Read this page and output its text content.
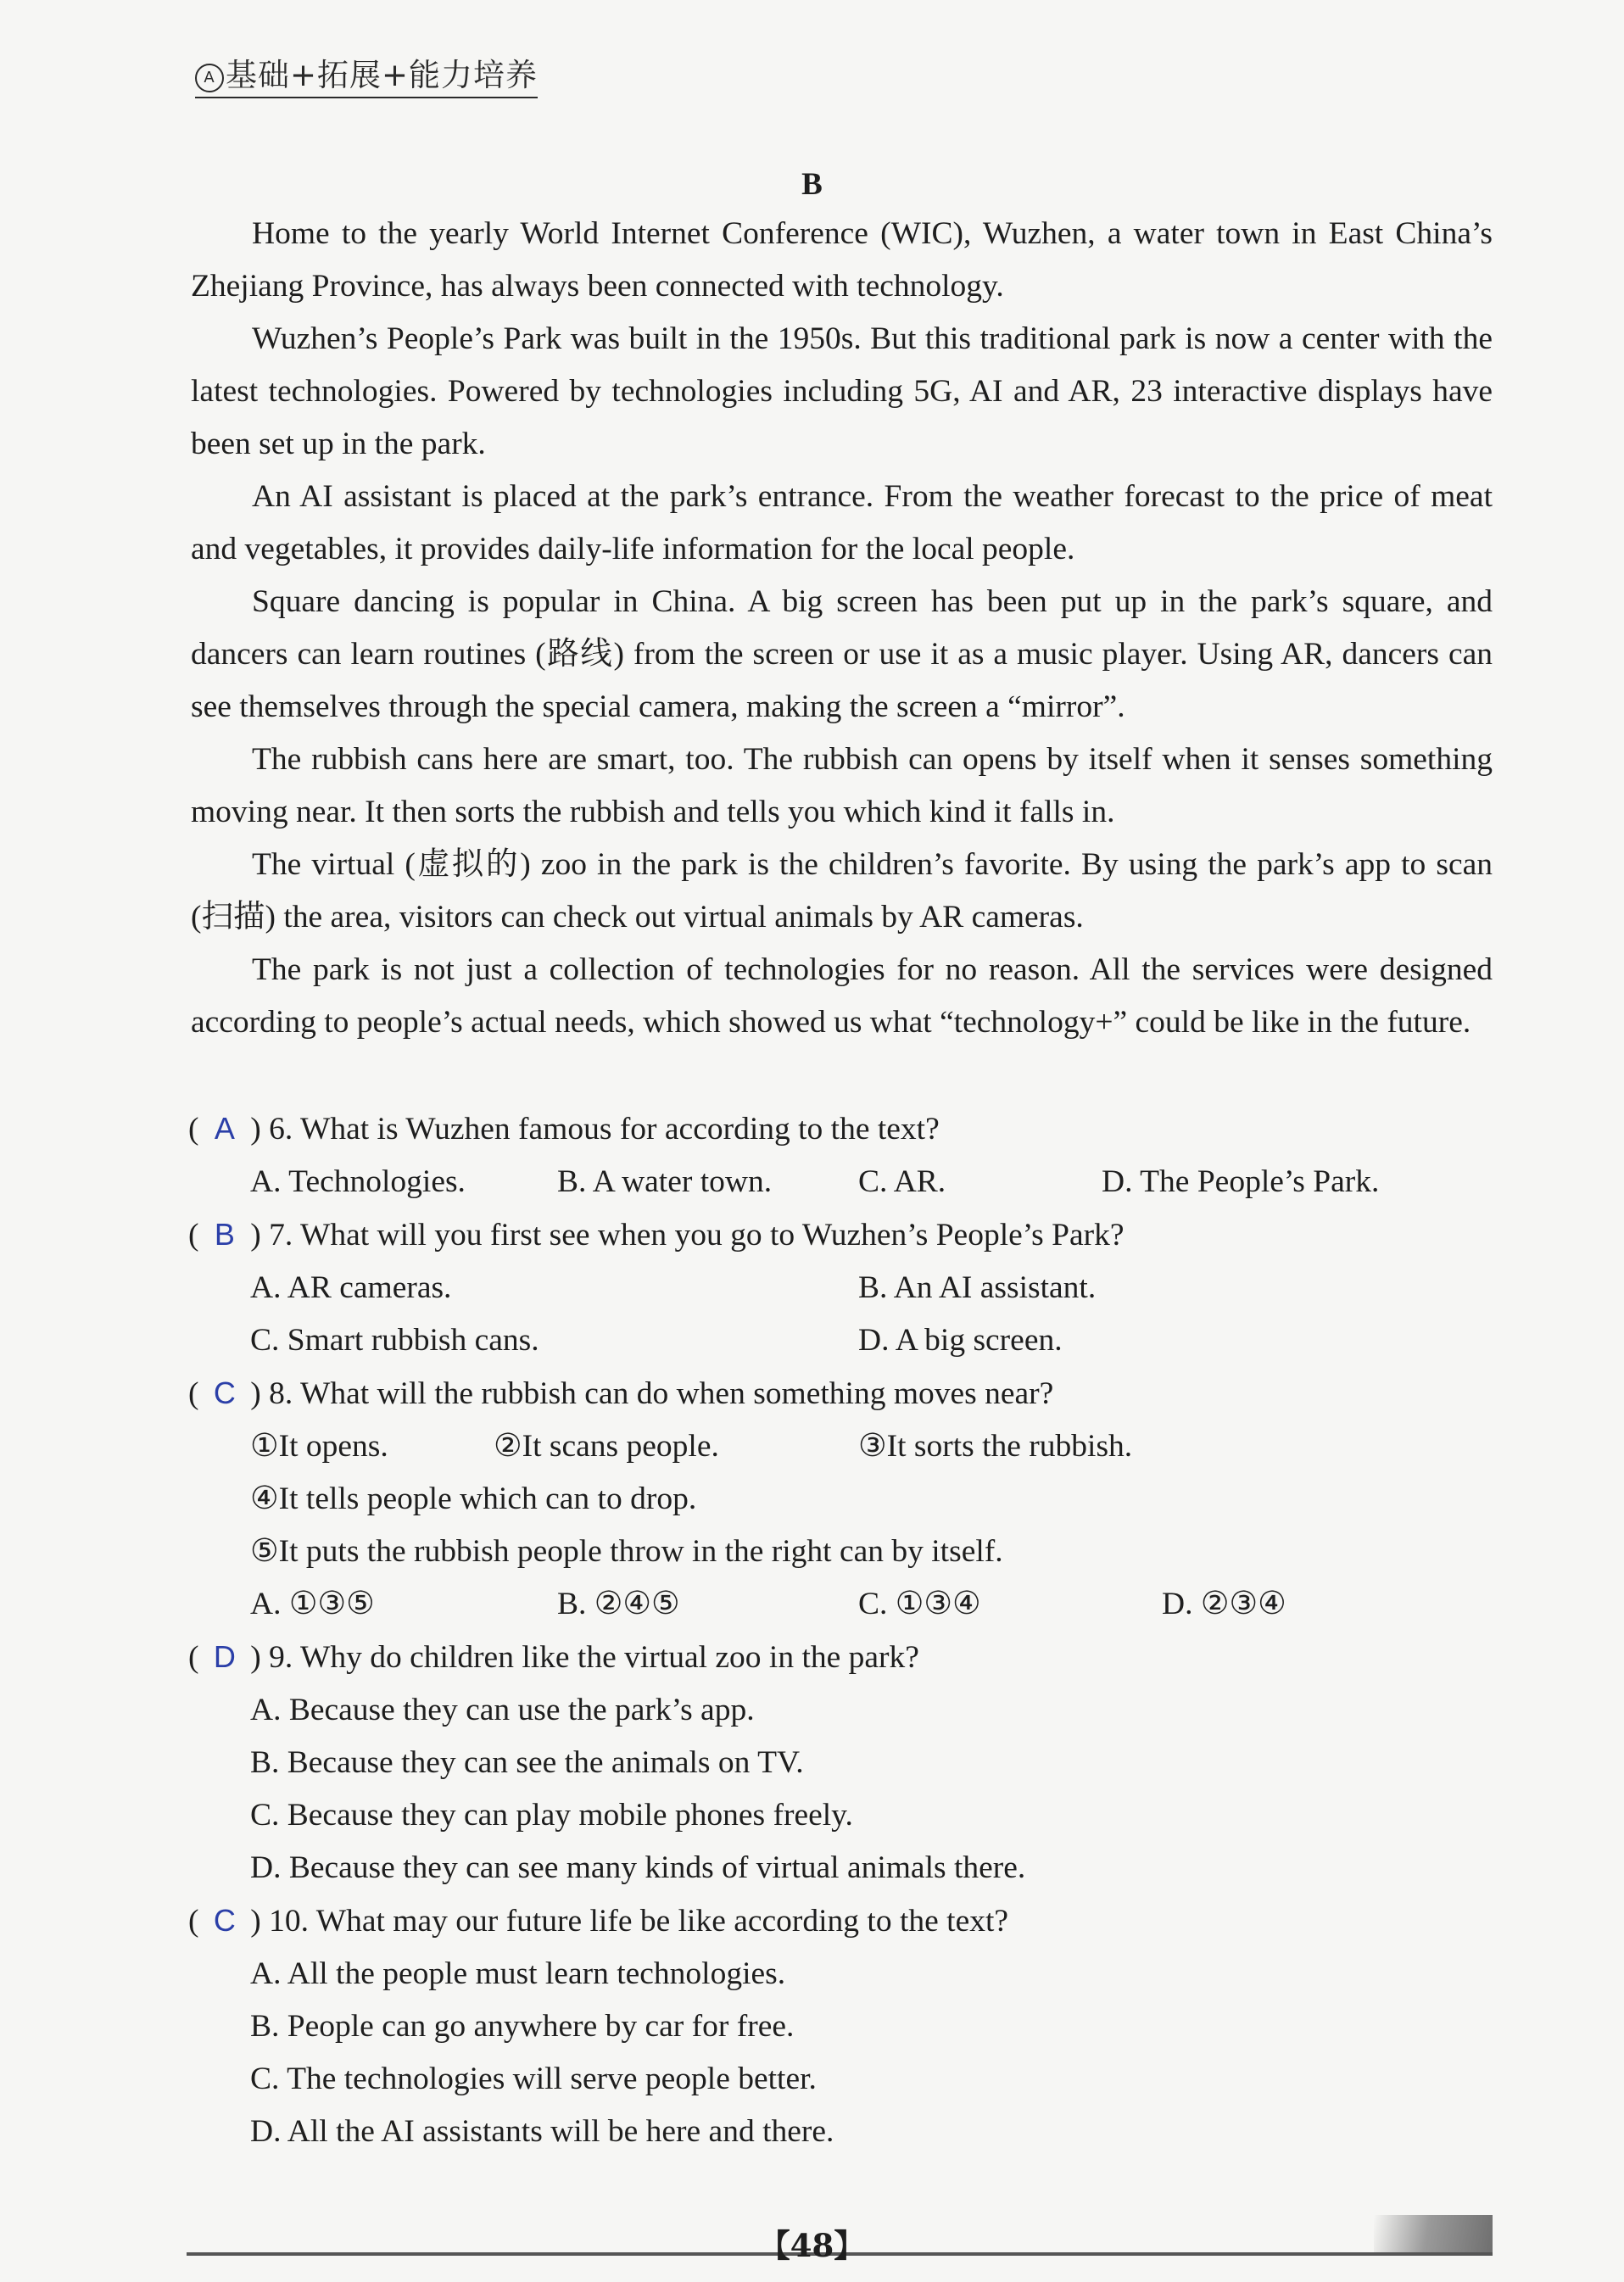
A 基础+拓展+能力培养
B

Home to the yearly World Internet Conference (WIC), Wuzhen, a water town in East China’s Zhejiang Province, has always been connected with technology.

Wuzhen’s People’s Park was built in the 1950s. But this traditional park is now a center with the latest technologies. Powered by technologies including 5G, AI and AR, 23 interactive displays have been set up in the park.

An AI assistant is placed at the park’s entrance. From the weather forecast to the price of meat and vegetables, it provides daily-life information for the local people.

Square dancing is popular in China. A big screen has been put up in the park’s square, and dancers can learn routines (路线) from the screen or use it as a music player. Using AR, dancers can see themselves through the special camera, making the screen a “mirror”.

The rubbish cans here are smart, too. The rubbish can opens by itself when it senses something moving near. It then sorts the rubbish and tells you which kind it falls in.

The virtual (虚拟的) zoo in the park is the children’s favorite. By using the park’s app to scan (扫描) the area, visitors can check out virtual animals by AR cameras.

The park is not just a collection of technologies for no reason. All the services were designed according to people’s actual needs, which showed us what “technology+” could be like in the future.

( A ) 6. What is Wuzhen famous for according to the text?
A. Technologies.	B. A water town.	C. AR.	D. The People’s Park.
( B ) 7. What will you first see when you go to Wuzhen’s People’s Park?
A. AR cameras.	B. An AI assistant.
C. Smart rubbish cans.	D. A big screen.
( C ) 8. What will the rubbish can do when something moves near?
①It opens.	②It scans people.	③It sorts the rubbish.
④It tells people which can to drop.
⑤It puts the rubbish people throw in the right can by itself.
A. ①③⑤	B. ②④⑤	C. ①③④	D. ②③④
( D ) 9. Why do children like the virtual zoo in the park?
A. Because they can use the park’s app.
B. Because they can see the animals on TV.
C. Because they can play mobile phones freely.
D. Because they can see many kinds of virtual animals there.
( C ) 10. What may our future life be like according to the text?
A. All the people must learn technologies.
B. People can go anywhere by car for free.
C. The technologies will serve people better.
D. All the AI assistants will be here and there.
【48】
